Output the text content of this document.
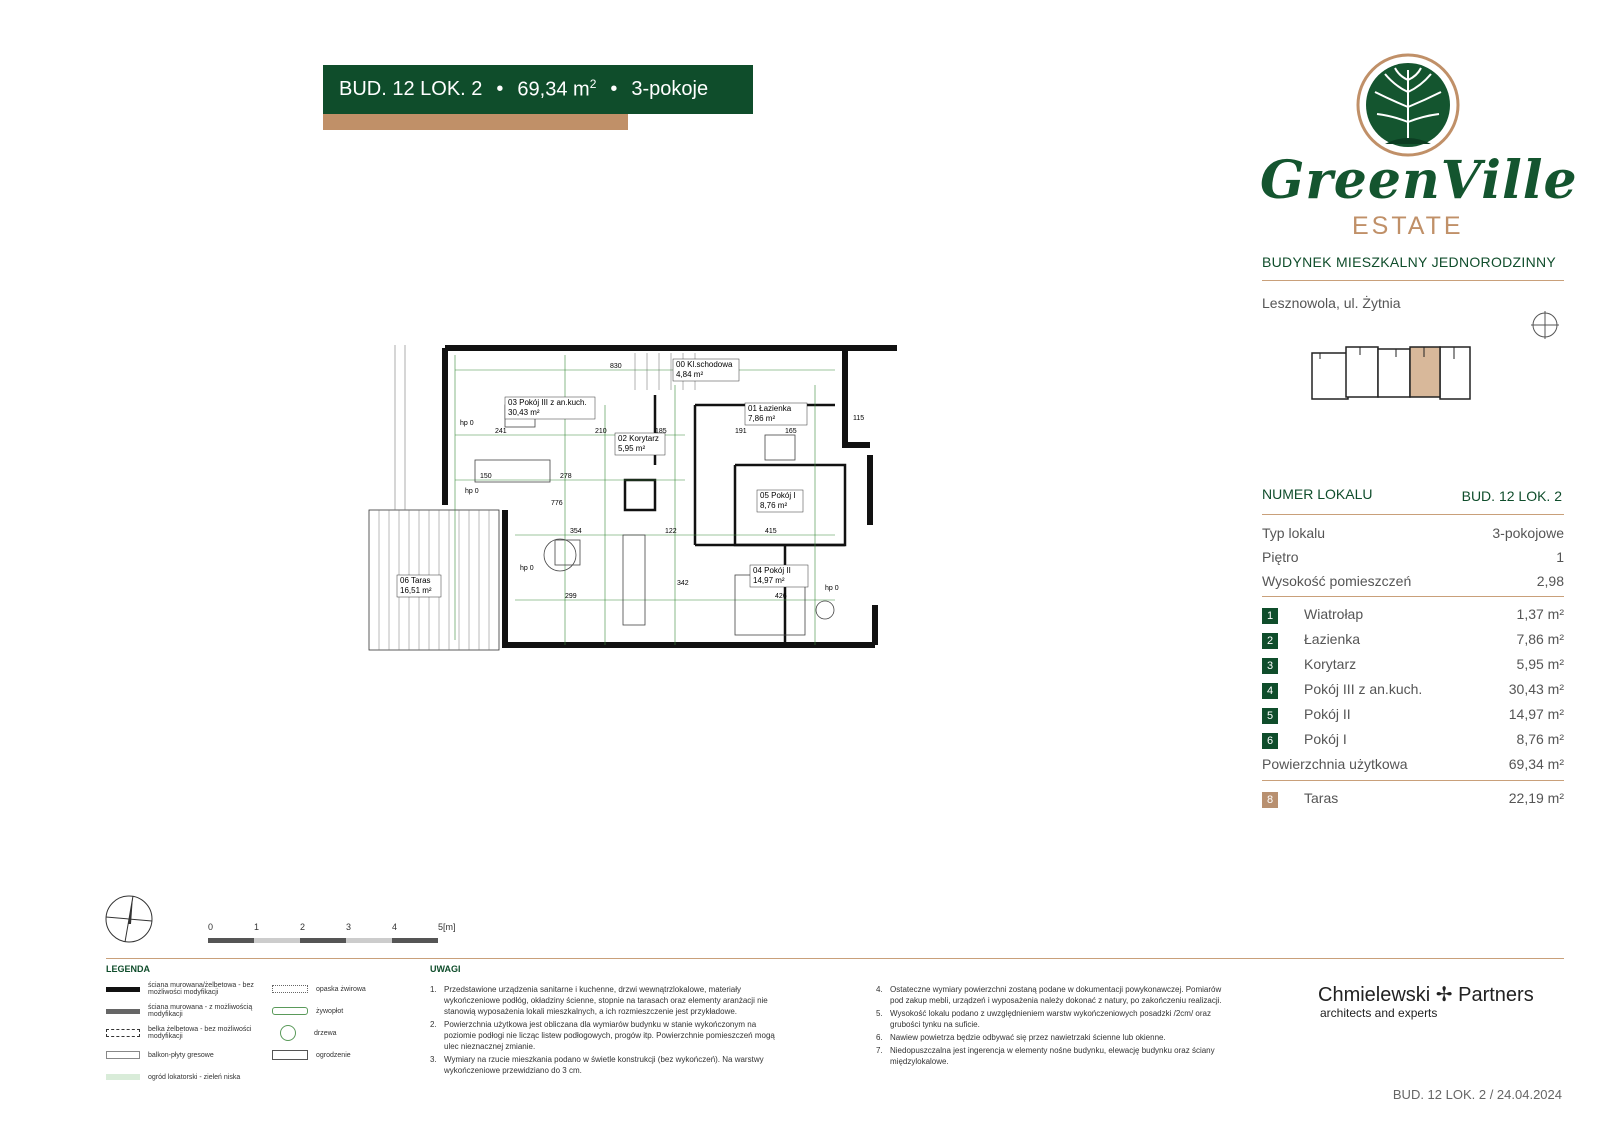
BUD. 12 LOK. 2 • 69,34 $m^2$ • 3-pokoje
GreenVille
ESTATE
BUDYNEK MIESZKALNY JEDNORODZINNY
Lesznowola, ul. Żytnia
NUMER LOKALU	BUD. 12 LOK. 2
Typ lokalu	3-pokojowe
Piętro	1
Wysokość pomieszczeń	2,98
1 Wiatrołap	1,37 m²
2 Łazienka	7,86 m²
3 Korytarz	5,95 m²
4 Pokój III z an.kuch.	30,43 m²
5 Pokój II	14,97 m²
6 Pokój I	8,76 m²
Powierzchnia użytkowa	69,34 m²
8 Taras	22,19 m²
00 Kl.schodowa
4,84 m²
01 Łazienka
7,86 m²
02 Korytarz
5,95 m²
03 Pokój III z an.kuch.
30,43 m²
04 Pokój II
14,97 m²
05 Pokój I
8,76 m²
06 Taras
16,51 m²
830
241	210
150	278
354
299
776
342
191	165
185
415
426
122
115
hp 0
hp 0
hp 0
hp 0
0	1	2	3	4	5[m]
LEGENDA
ściana murowana/żelbetowa - bez możliwości modyfikacji
ściana murowana - z możliwością modyfikacji
belka żelbetowa - bez możliwości modyfikacji
balkon-płyty gresowe
ogród lokatorski - zieleń niska
opaska żwirowa
żywopłot
drzewa
ogrodzenie
UWAGI
1. Przedstawione urządzenia sanitarne i kuchenne, drzwi wewnątrzlokalowe, materiały wykończeniowe podłóg, okładziny ścienne, stopnie na tarasach oraz elementy aranżacji nie stanowią wyposażenia lokali mieszkalnych, a ich rozmieszczenie jest przykładowe.
2. Powierzchnia użytkowa jest obliczana dla wymiarów budynku w stanie wykończonym na poziomie podłogi nie licząc listew podłogowych, progów itp. Powierzchnie pomieszczeń mogą ulec nieznacznej zmianie.
3. Wymiary na rzucie mieszkania podano w świetle konstrukcji (bez wykończeń). Na warstwy wykończeniowe przewidziano do 3 cm.
4. Ostateczne wymiary powierzchni zostaną podane w dokumentacji powykonawczej. Pomiarów pod zakup mebli, urządzeń i wyposażenia należy dokonać z natury, po zakończeniu realizacji.
5. Wysokość lokalu podano z uwzględnieniem warstw wykończeniowych posadzki /2cm/ oraz grubości tynku na suficie.
6. Nawiew powietrza będzie odbywać się przez nawietrzaki ścienne lub okienne.
7. Niedopuszczalna jest ingerencja w elementy nośne budynku, elewację budynku oraz ściany międzylokalowe.
Chmielewski ✢ Partners
architects and experts
BUD. 12 LOK. 2 / 24.04.2024
